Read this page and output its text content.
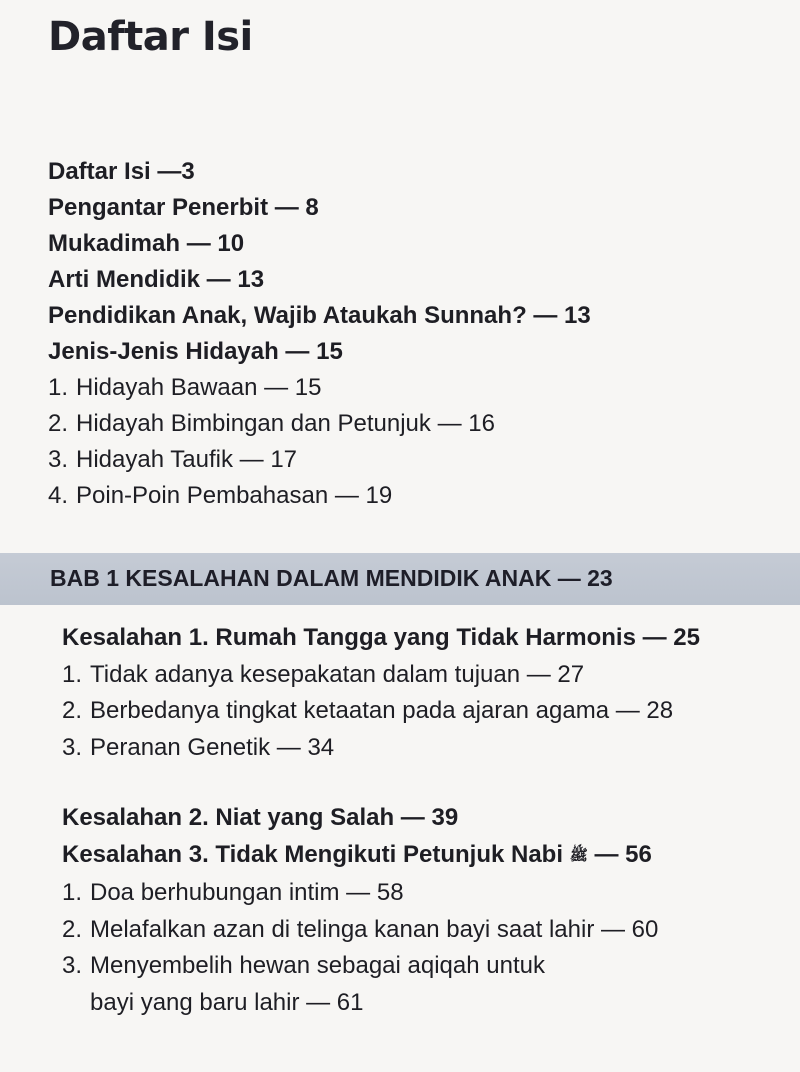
Daftar Isi
Daftar Isi —3
Pengantar Penerbit — 8
Mukadimah — 10
Arti Mendidik — 13
Pendidikan Anak, Wajib Ataukah Sunnah? — 13
Jenis-Jenis Hidayah — 15
1. Hidayah Bawaan — 15
2. Hidayah Bimbingan dan Petunjuk — 16
3. Hidayah Taufik — 17
4. Poin-Poin Pembahasan — 19
BAB 1 KESALAHAN DALAM MENDIDIK ANAK — 23
Kesalahan 1. Rumah Tangga yang Tidak Harmonis — 25
1. Tidak adanya kesepakatan dalam tujuan — 27
2. Berbedanya tingkat ketaatan pada ajaran agama — 28
3. Peranan Genetik — 34
Kesalahan 2. Niat yang Salah — 39
Kesalahan 3. Tidak Mengikuti Petunjuk Nabi ﷺ — 56
1. Doa berhubungan intim — 58
2. Melafalkan azan di telinga kanan bayi saat lahir — 60
3. Menyembelih hewan sebagai aqiqah untuk
bayi yang baru lahir — 61
